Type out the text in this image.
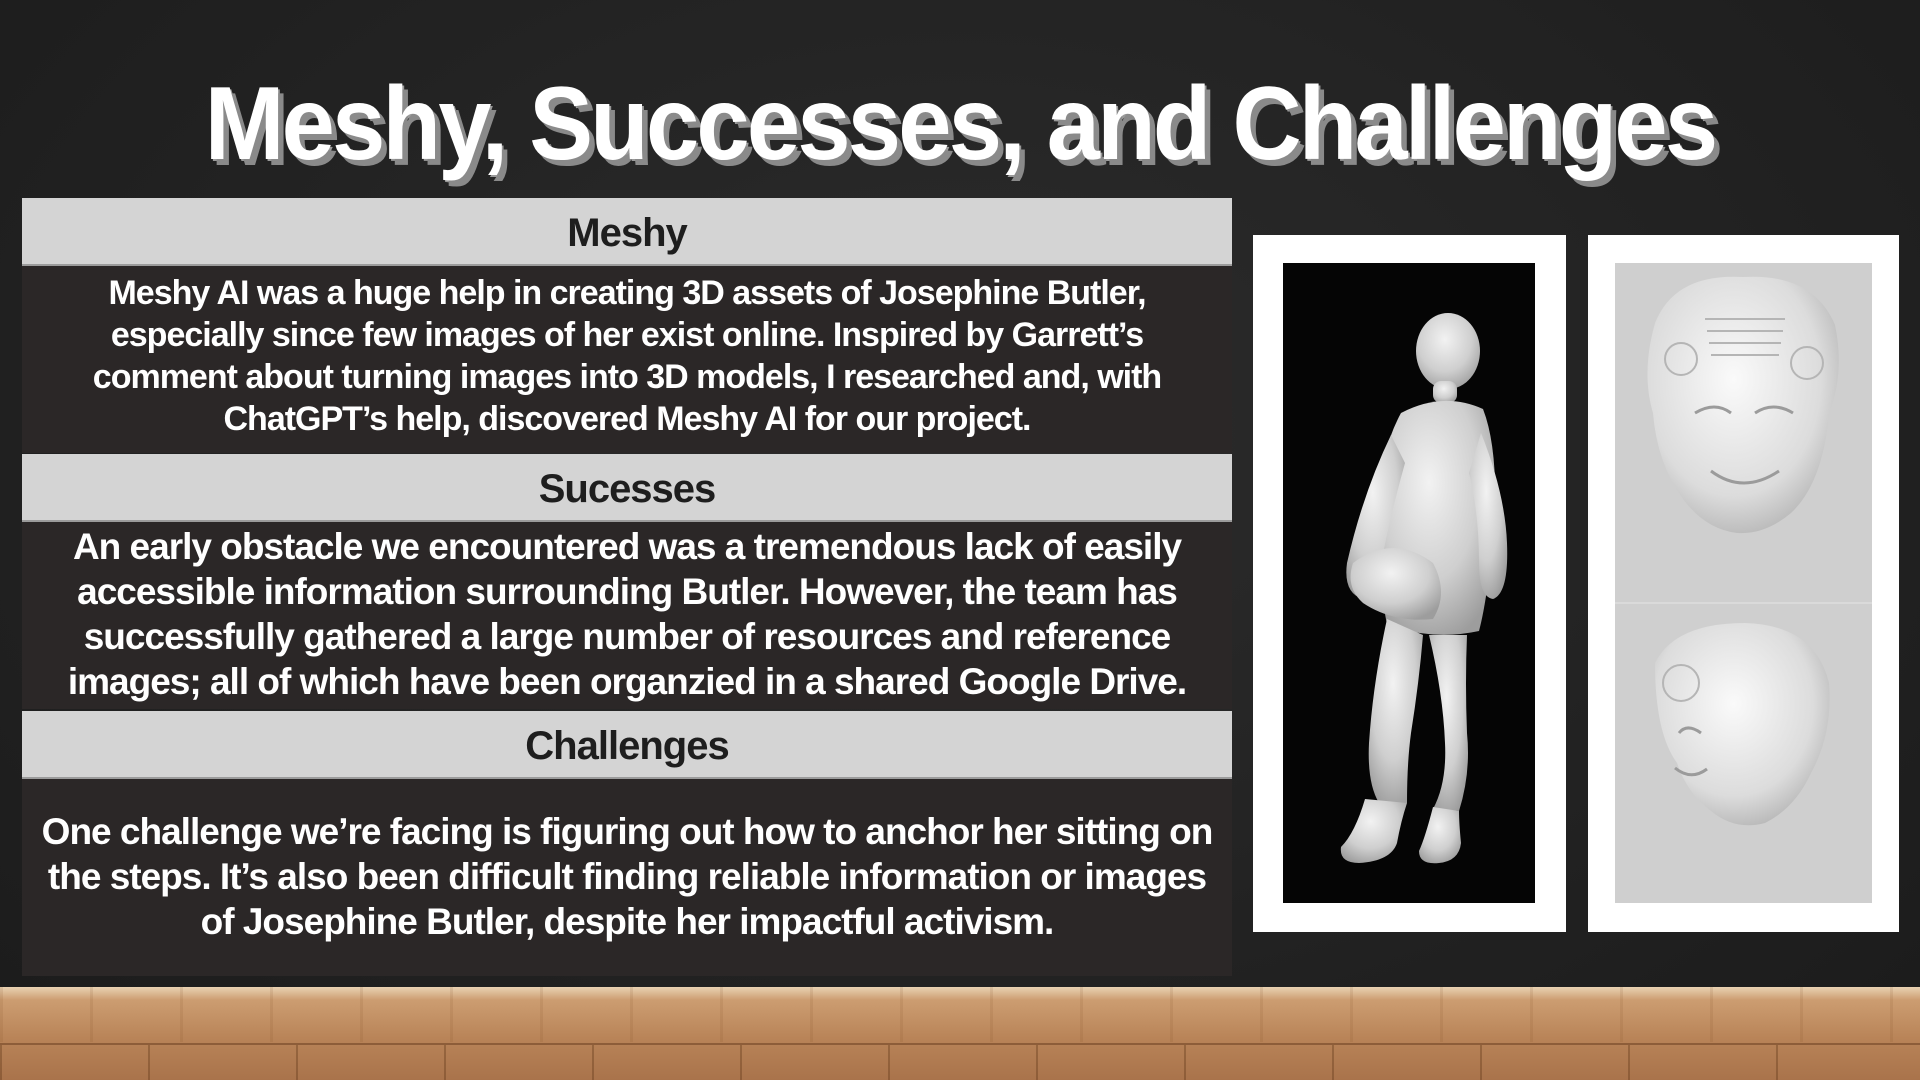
Meshy, Successes, and Challenges
Meshy

Meshy AI was a huge help in creating 3D assets of Josephine Butler, especially since few images of her exist online. Inspired by Garrett’s comment about turning images into 3D models, I researched and, with ChatGPT’s help, discovered Meshy AI for our project.

Sucesses

An early obstacle we encountered was a tremendous lack of easily accessible information surrounding Butler. However, the team has successfully gathered a large number of resources and reference images; all of which have been organzied in a shared Google Drive.

Challenges

One challenge we’re facing is figuring out how to anchor her sitting on the steps. It’s also been difficult finding reliable information or images of Josephine Butler, despite her impactful activism.
